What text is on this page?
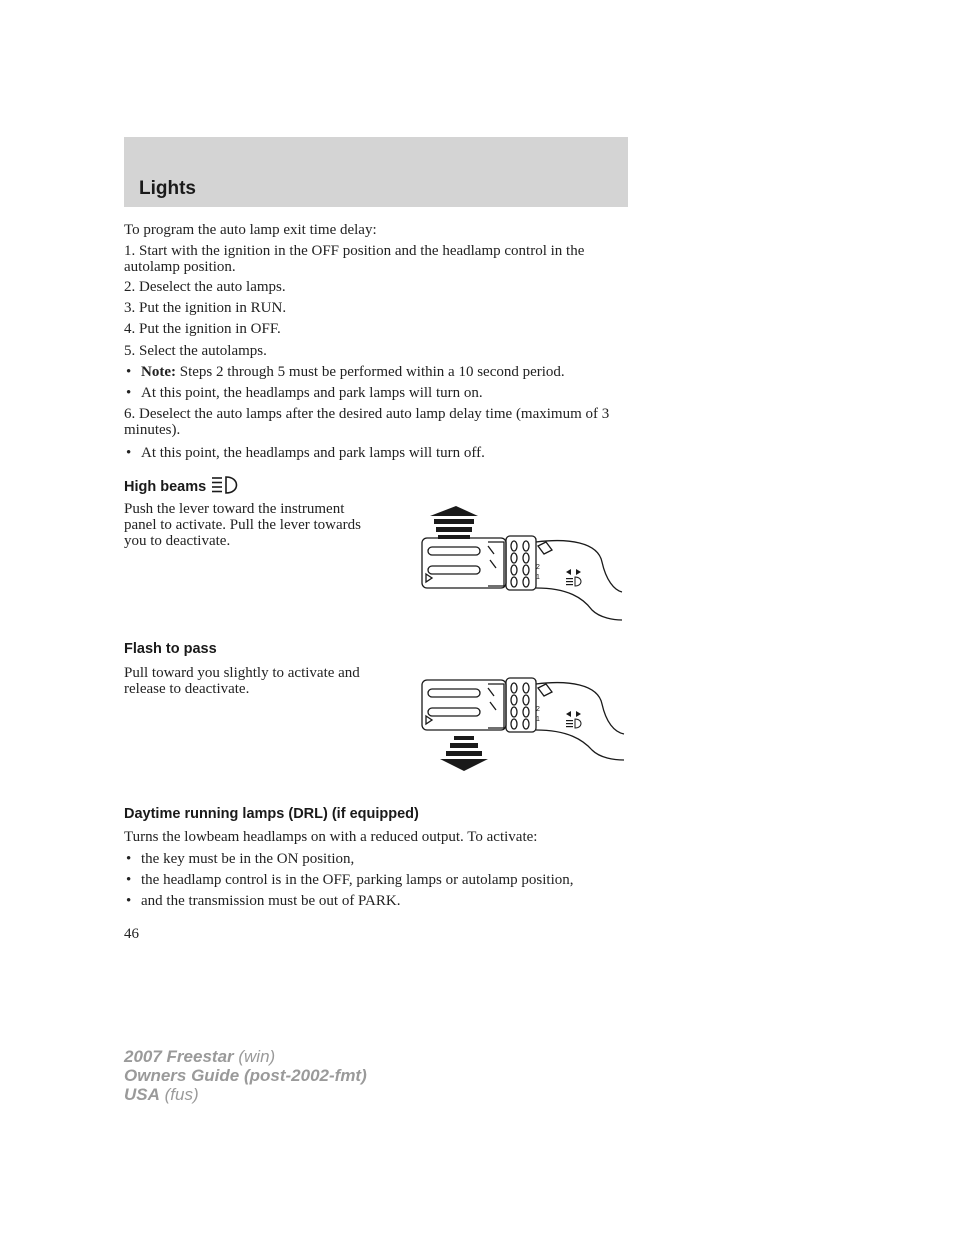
Lights
To program the auto lamp exit time delay:
1. Start with the ignition in the OFF position and the headlamp control in the autolamp position.
2. Deselect the auto lamps.
3. Put the ignition in RUN.
4. Put the ignition in OFF.
5. Select the autolamps.
• Note: Steps 2 through 5 must be performed within a 10 second period.
• At this point, the headlamps and park lamps will turn on.
6. Deselect the auto lamps after the desired auto lamp delay time (maximum of 3 minutes).
• At this point, the headlamps and park lamps will turn off.
High beams
Push the lever toward the instrument panel to activate. Pull the lever towards you to deactivate.
2
1
Flash to pass
Pull toward you slightly to activate and release to deactivate.
2
1
Daytime running lamps (DRL) (if equipped)
Turns the lowbeam headlamps on with a reduced output. To activate:
• the key must be in the ON position,
• the headlamp control is in the OFF, parking lamps or autolamp position,
• and the transmission must be out of PARK.
46
2007 Freestar (win)
Owners Guide (post-2002-fmt)
USA (fus)
